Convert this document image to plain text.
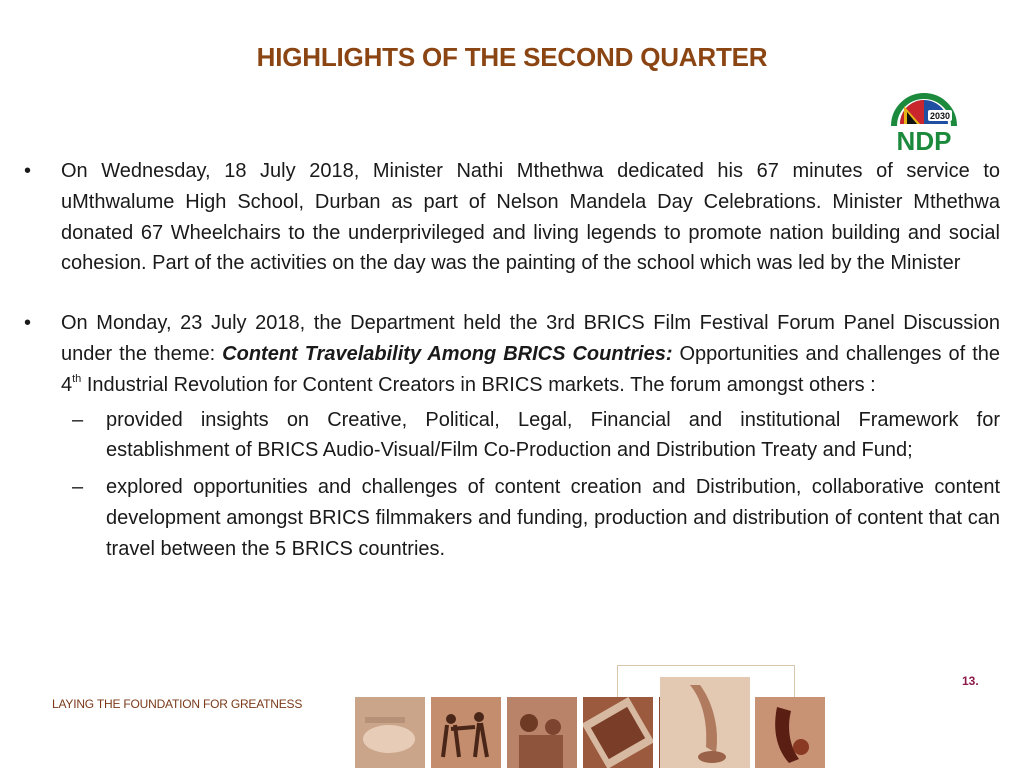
HIGHLIGHTS OF THE SECOND QUARTER
2030
NDP
• On Wednesday, 18 July 2018, Minister Nathi Mthethwa dedicated his 67 minutes of service to uMthwalume High School, Durban as part of Nelson Mandela Day Celebrations. Minister Mthethwa donated 67 Wheelchairs to the underprivileged and living legends to promote nation building and social cohesion. Part of the activities on the day was the painting of the school which was led by the Minister
• On Monday, 23 July 2018, the Department held the 3rd BRICS Film Festival Forum Panel Discussion under the theme: Content Travelability Among BRICS Countries: Opportunities and challenges of the 4th Industrial Revolution for Content Creators in BRICS markets. The forum amongst others :
– provided insights on Creative, Political, Legal, Financial and institutional Framework for establishment of BRICS Audio-Visual/Film Co-Production and Distribution Treaty and Fund;
– explored opportunities and challenges of content creation and Distribution, collaborative content development amongst BRICS filmmakers and funding, production and distribution of content that can travel between the 5 BRICS countries.
13.
LAYING THE FOUNDATION FOR GREATNESS
